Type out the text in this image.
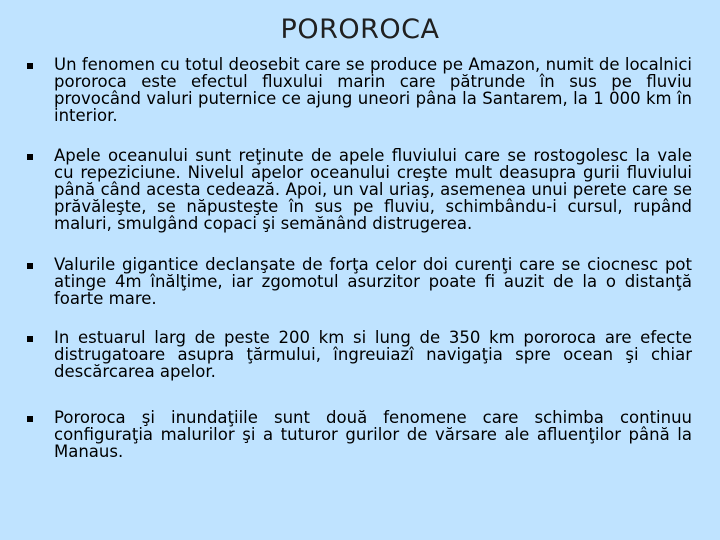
POROROCA
Un fenomen cu totul deosebit care se produce pe Amazon, numit de localnici pororoca este efectul fluxului marin care pătrunde în sus pe fluviu provocând valuri puternice ce ajung uneori pâna la Santarem, la 1 000 km în interior.
Apele oceanului sunt reţinute de apele fluviului care se rostogolesc la vale cu repeziciune. Nivelul apelor oceanului creşte mult deasupra gurii fluviului până când acesta cedează. Apoi, un val uriaş, asemenea unui perete care se prăvăleşte, se năpusteşte în sus pe fluviu, schimbându-i cursul, rupând maluri, smulgând copaci şi semănând distrugerea.
Valurile gigantice declanşate de forţa celor doi curenţi care se ciocnesc pot atinge 4m înălţime, iar zgomotul asurzitor poate fi auzit de la o distanţă foarte mare.
In estuarul larg de peste 200 km si lung de 350 km pororoca are efecte distrugatoare asupra ţărmului, îngreuiazî navigaţia spre ocean şi chiar descărcarea apelor.
Pororoca şi inundaţiile sunt două fenomene care schimba continuu configuraţia malurilor şi a tuturor gurilor de vărsare ale afluenţilor până la Manaus.
